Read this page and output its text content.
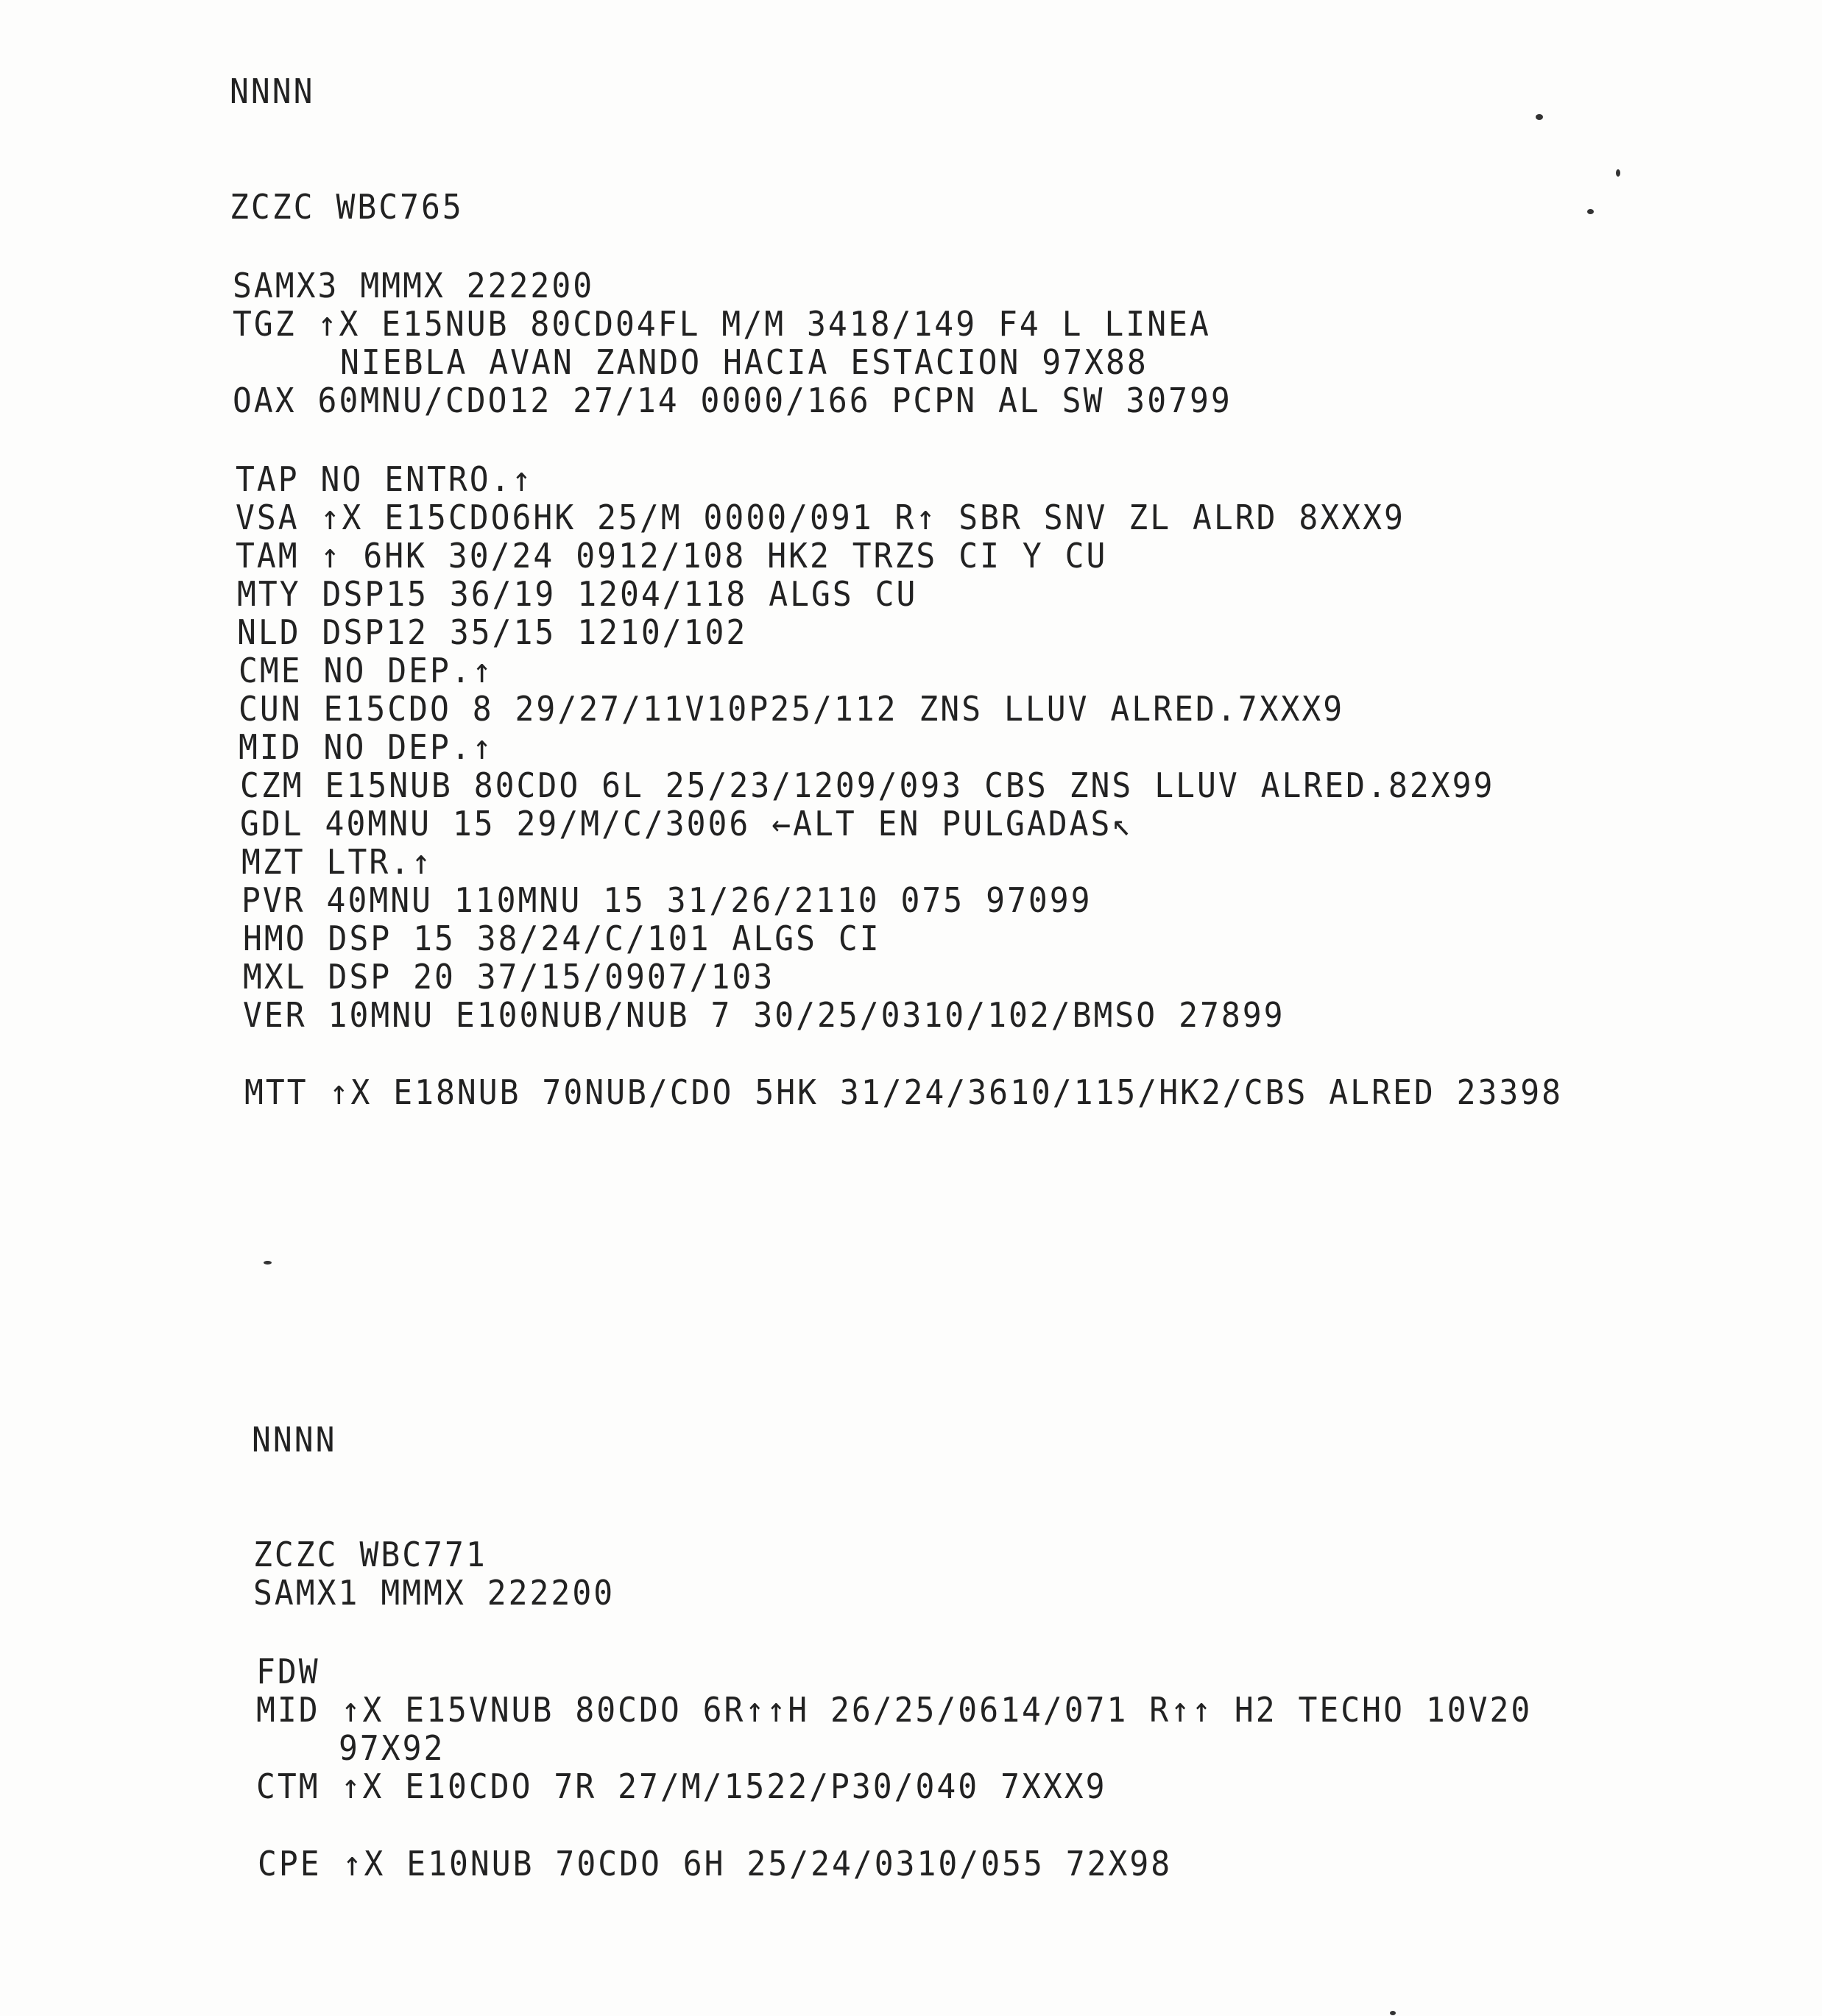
NNNN
ZCZC WBC765
SAMX3 MMMX 222200
TGZ ↑X E15NUB 80CD04FL M/M 3418/149 F4 L LINEA
NIEBLA AVAN ZANDO HACIA ESTACION 97X88
OAX 60MNU/CDO12 27/14 0000/166 PCPN AL SW 30799
TAP NO ENTRO.↑
VSA ↑X E15CDO6HK 25/M 0000/091 R↑ SBR SNV ZL ALRD 8XXX9
TAM ↑ 6HK 30/24 0912/108 HK2 TRZS CI Y CU
MTY DSP15 36/19 1204/118 ALGS CU
NLD DSP12 35/15 1210/102
CME NO DEP.↑
CUN E15CDO 8 29/27/11V10P25/112 ZNS LLUV ALRED.7XXX9
MID NO DEP.↑
CZM E15NUB 80CDO 6L 25/23/1209/093 CBS ZNS LLUV ALRED.82X99
GDL 40MNU 15 29/M/C/3006 ←ALT EN PULGADAS↖
MZT LTR.↑
PVR 40MNU 110MNU 15 31/26/2110 075 97099
HMO DSP 15 38/24/C/101 ALGS CI
MXL DSP 20 37/15/0907/103
VER 10MNU E100NUB/NUB 7 30/25/0310/102/BMSO 27899
MTT ↑X E18NUB 70NUB/CDO 5HK 31/24/3610/115/HK2/CBS ALRED 23398
NNNN
ZCZC WBC771
SAMX1 MMMX 222200
FDW
MID ↑X E15VNUB 80CDO 6R↑↑H 26/25/0614/071 R↑↑ H2 TECHO 10V20
97X92
CTM ↑X E10CDO 7R 27/M/1522/P30/040 7XXX9
CPE ↑X E10NUB 70CDO 6H 25/24/0310/055 72X98
